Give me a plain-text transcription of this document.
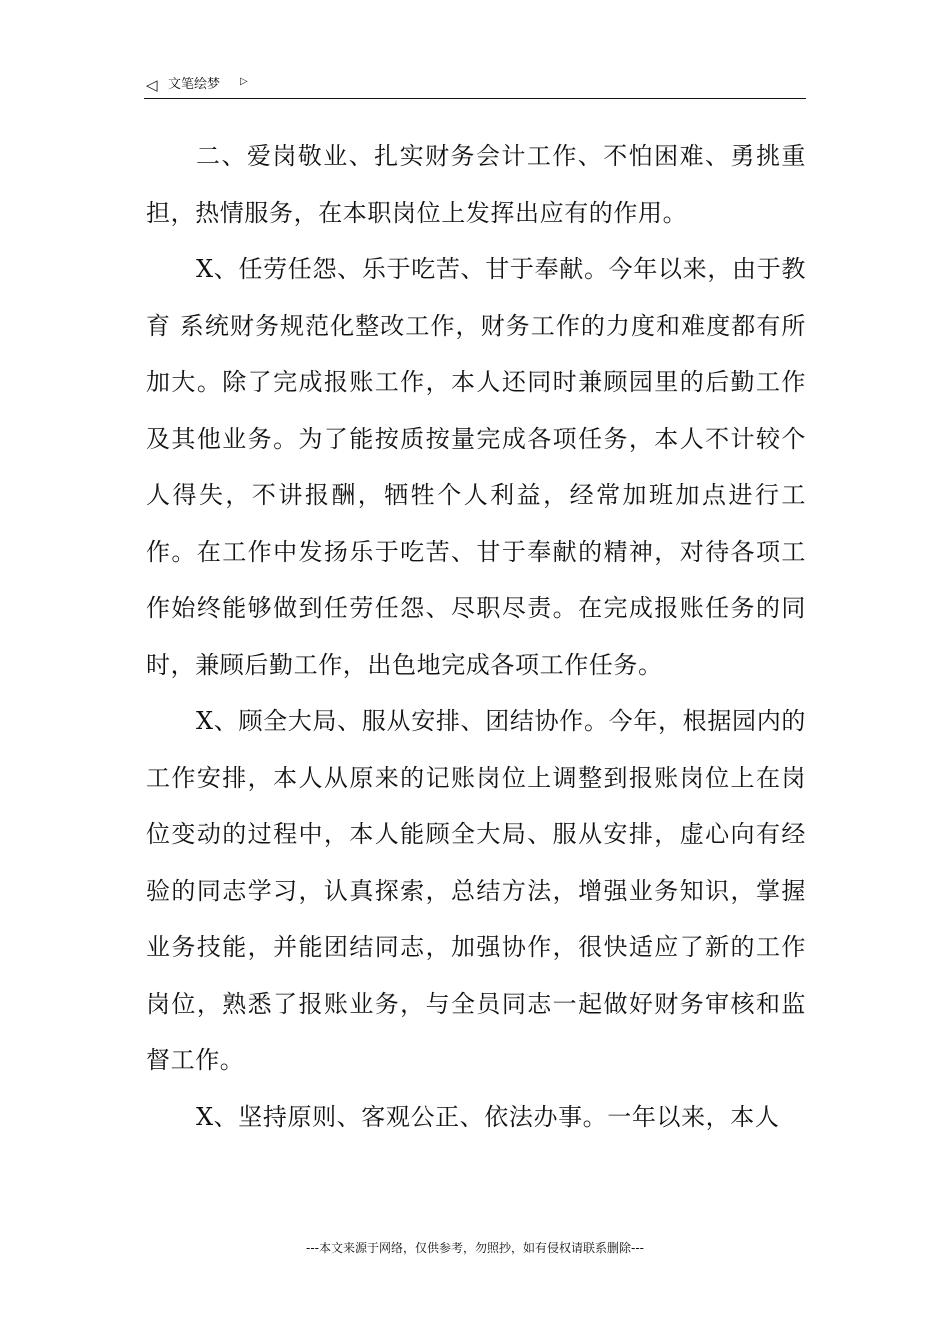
◁ 文笔绘梦 ▷

二、爱岗敬业、扎实财务会计工作、不怕困难、勇挑重担，热情服务，在本职岗位上发挥出应有的作用。

X、任劳任怨、乐于吃苦、甘于奉献。今年以来，由于教育 系统财务规范化整改工作，财务工作的力度和难度都有所加大。除了完成报账工作，本人还同时兼顾园里的后勤工作及其他业务。为了能按质按量完成各项任务，本人不计较个人得失，不讲报酬，牺牲个人利益，经常加班加点进行工作。在工作中发扬乐于吃苦、甘于奉献的精神，对待各项工作始终能够做到任劳任怨、尽职尽责。在完成报账任务的同时，兼顾后勤工作，出色地完成各项工作任务。

X、顾全大局、服从安排、团结协作。今年，根据园内的工作安排，本人从原来的记账岗位上调整到报账岗位上在岗位变动的过程中，本人能顾全大局、服从安排，虚心向有经验的同志学习，认真探索，总结方法，增强业务知识，掌握业务技能，并能团结同志，加强协作，很快适应了新的工作岗位，熟悉了报账业务，与全员同志一起做好财务审核和监督工作。

X、坚持原则、客观公正、依法办事。一年以来，本人

---本文来源于网络，仅供参考，勿照抄，如有侵权请联系删除---
